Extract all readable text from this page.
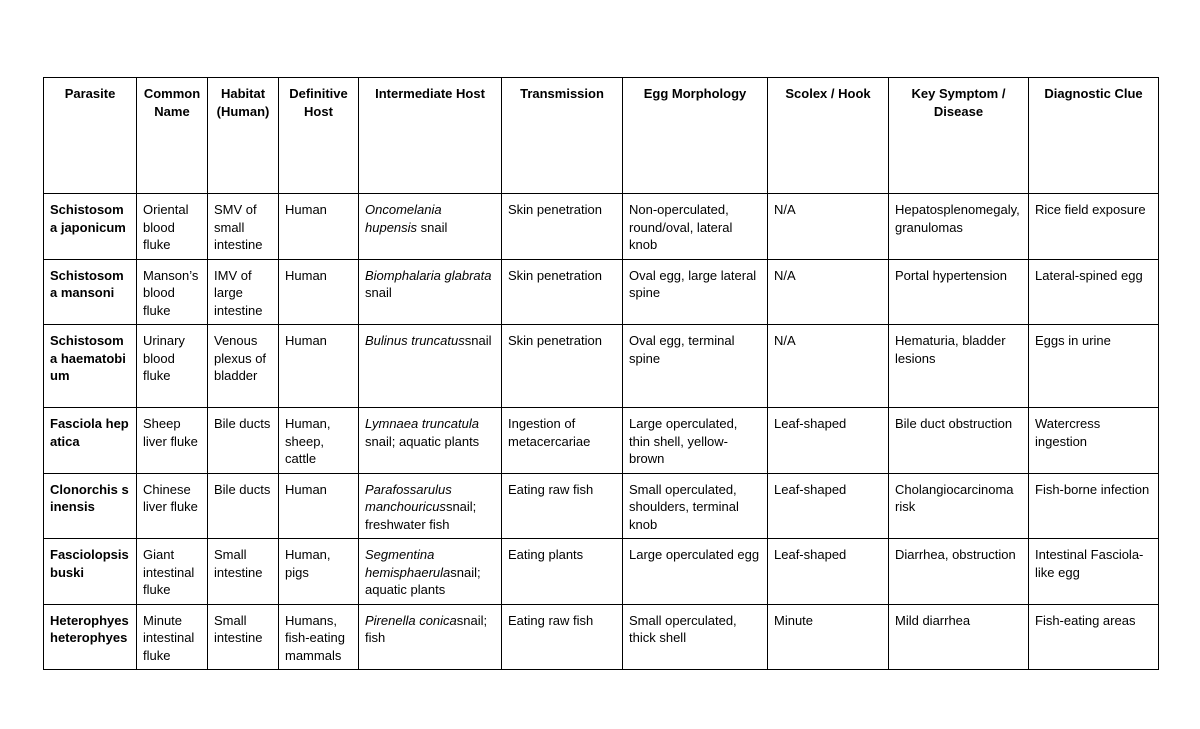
Parasite	Common Name	Habitat (Human)	Definitive Host	Intermediate Host	Transmission	Egg Morphology	Scolex / Hook	Key Symptom / Disease	Diagnostic Clue
Schistosoma japonicum	Oriental blood fluke	SMV of small intestine	Human	Oncomelania hupensis snail	Skin penetration	Non-operculated, round/oval, lateral knob	N/A	Hepatosplenomegaly, granulomas	Rice field exposure
Schistosoma mansoni	Manson’s blood fluke	IMV of large intestine	Human	Biomphalaria glabrata snail	Skin penetration	Oval egg, large lateral spine	N/A	Portal hypertension	Lateral-spined egg
Schistosoma haematobium	Urinary blood fluke	Venous plexus of bladder	Human	Bulinus truncatussnail	Skin penetration	Oval egg, terminal spine	N/A	Hematuria, bladder lesions	Eggs in urine
Fasciola hepatica	Sheep liver fluke	Bile ducts	Human, sheep, cattle	Lymnaea truncatula snail; aquatic plants	Ingestion of metacercariae	Large operculated, thin shell, yellow-brown	Leaf-shaped	Bile duct obstruction	Watercress ingestion
Clonorchis sinensis	Chinese liver fluke	Bile ducts	Human	Parafossarulus manchouricussnail; freshwater fish	Eating raw fish	Small operculated, shoulders, terminal knob	Leaf-shaped	Cholangiocarcinoma risk	Fish-borne infection
Fasciolopsis buski	Giant intestinal fluke	Small intestine	Human, pigs	Segmentina hemisphaerulasnail; aquatic plants	Eating plants	Large operculated egg	Leaf-shaped	Diarrhea, obstruction	Intestinal Fasciola-like egg
Heterophyes heterophyes	Minute intestinal fluke	Small intestine	Humans, fish-eating mammals	Pirenella conicasnail; fish	Eating raw fish	Small operculated, thick shell	Minute	Mild diarrhea	Fish-eating areas
